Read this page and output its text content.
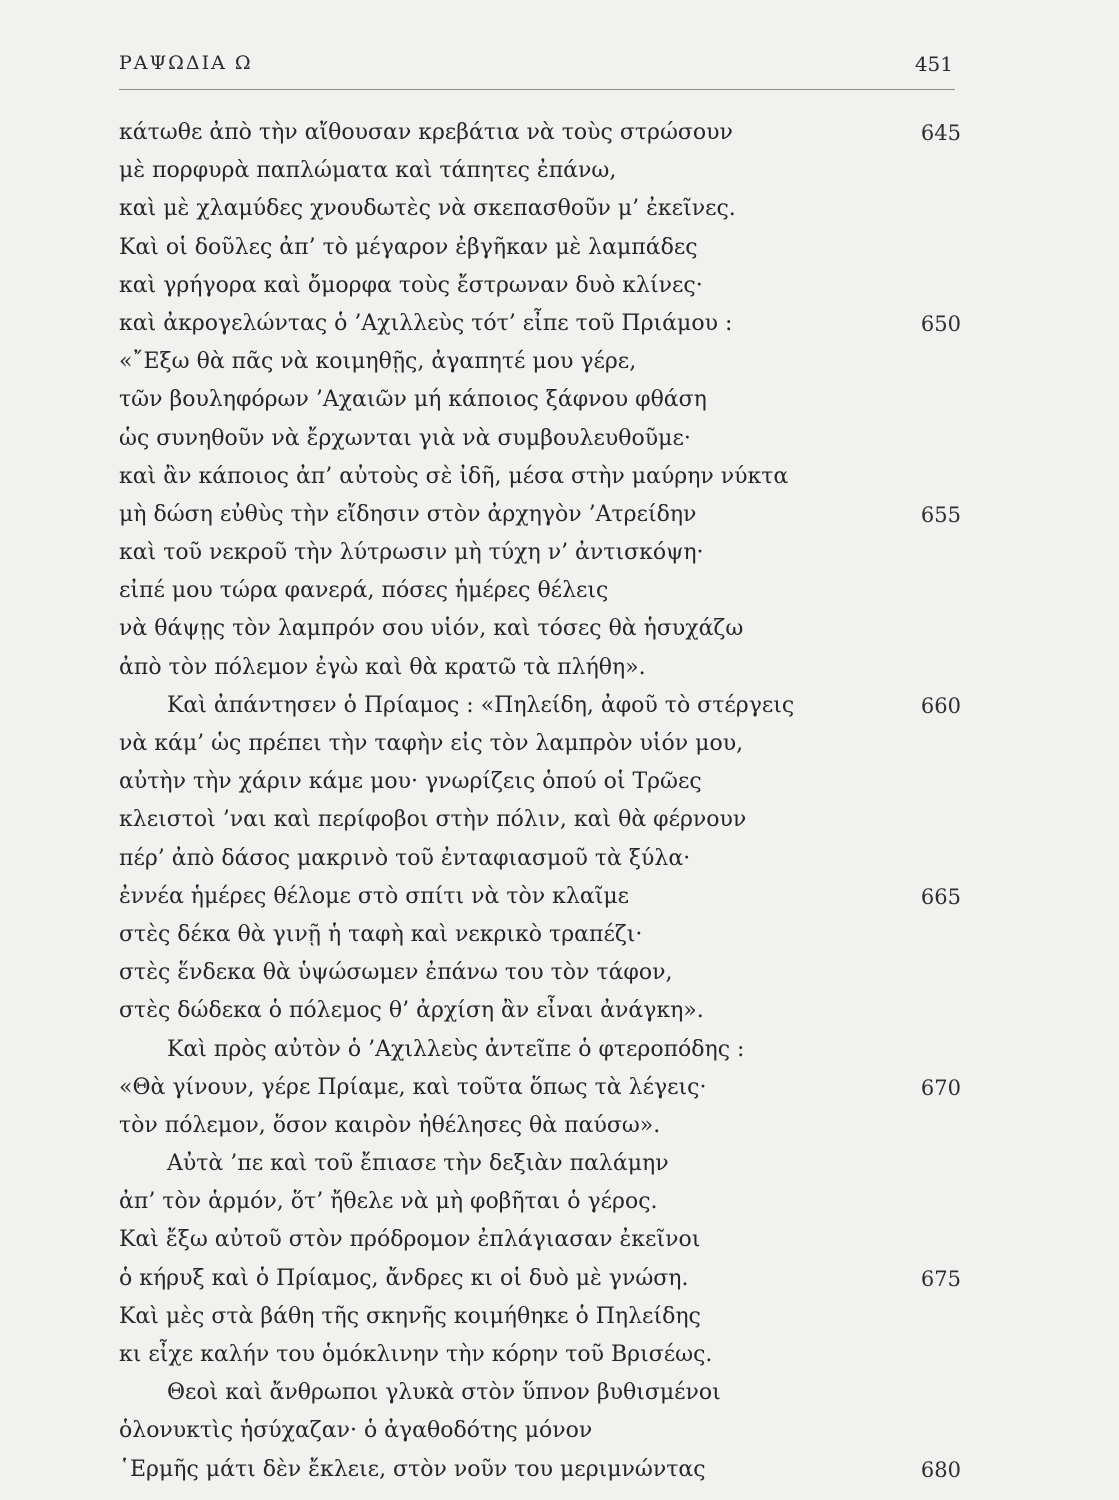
ΡΑΨΩΔΙΑ Ω	451
κάτωθε ἀπὸ τὴν αἴθουσαν κρεβάτια νὰ τοὺς στρώσουν	645
μὲ πορφυρὰ παπλώματα καὶ τάπητες ἐπάνω,
καὶ μὲ χλαμύδες χνουδωτὲς νὰ σκεπασθοῦν μ’ ἐκεῖνες.
Καὶ οἱ δοῦλες ἀπ’ τὸ μέγαρον ἐβγῆκαν μὲ λαμπάδες
καὶ γρήγορα καὶ ὄμορφα τοὺς ἔστρωναν δυὸ κλίνες·
καὶ ἀκρογελώντας ὁ ’Αχιλλεὺς τότ’ εἶπε τοῦ Πριάμου :	650
«῎Εξω θὰ πᾶς νὰ κοιμηθῇς, ἀγαπητέ μου γέρε,
τῶν βουληφόρων ’Αχαιῶν μή κάποιος ξάφνου φθάση
ὡς συνηθοῦν νὰ ἔρχωνται γιὰ νὰ συμβουλευθοῦμε·
καὶ ἂν κάποιος ἀπ’ αὐτοὺς σὲ ἰδῆ, μέσα στὴν μαύρην νύκτα
μὴ δώση εὐθὺς τὴν εἴδησιν στὸν ἀρχηγὸν ’Ατρείδην	655
καὶ τοῦ νεκροῦ τὴν λύτρωσιν μὴ τύχη ν’ ἀντισκόψη·
εἰπέ μου τώρα φανερά, πόσες ἡμέρες θέλεις
νὰ θάψῃς τὸν λαμπρόν σου υἱόν, καὶ τόσες θὰ ἡσυχάζω
ἀπὸ τὸν πόλεμον ἐγὼ καὶ θὰ κρατῶ τὰ πλήθη».
Καὶ ἀπάντησεν ὁ Πρίαμος : «Πηλείδη, ἀφοῦ τὸ στέργεις	660
νὰ κάμ’ ὡς πρέπει τὴν ταφὴν εἰς τὸν λαμπρὸν υἱόν μου,
αὐτὴν τὴν χάριν κάμε μου· γνωρίζεις ὁπού οἱ Τρῶες
κλειστοὶ ’ναι καὶ περίφοβοι στὴν πόλιν, καὶ θὰ φέρνουν
πέρ’ ἀπὸ δάσος μακρινὸ τοῦ ἐνταφιασμοῦ τὰ ξύλα·
ἐννέα ἡμέρες θέλομε στὸ σπίτι νὰ τὸν κλαῖμε	665
στὲς δέκα θὰ γινῇ ἡ ταφὴ καὶ νεκρικὸ τραπέζι·
στὲς ἕνδεκα θὰ ὑψώσωμεν ἐπάνω του τὸν τάφον,
στὲς δώδεκα ὁ πόλεμος θ’ ἀρχίση ἂν εἶναι ἀνάγκη».
Καὶ πρὸς αὐτὸν ὁ ’Αχιλλεὺς ἀντεῖπε ὁ φτεροπόδης :
«Θὰ γίνουν, γέρε Πρίαμε, καὶ τοῦτα ὅπως τὰ λέγεις·	670
τὸν πόλεμον, ὅσον καιρὸν ἠθέλησες θὰ παύσω».
Αὐτὰ ’πε καὶ τοῦ ἔπιασε τὴν δεξιὰν παλάμην
ἀπ’ τὸν ἁρμόν, ὅτ’ ἤθελε νὰ μὴ φοβῆται ὁ γέρος.
Καὶ ἔξω αὐτοῦ στὸν πρόδρομον ἐπλάγιασαν ἐκεῖνοι
ὁ κήρυξ καὶ ὁ Πρίαμος, ἄνδρες κι οἱ δυὸ μὲ γνώση.	675
Καὶ μὲς στὰ βάθη τῆς σκηνῆς κοιμήθηκε ὁ Πηλείδης
κι εἶχε καλήν του ὁμόκλινην τὴν κόρην τοῦ Βρισέως.
Θεοὶ καὶ ἄνθρωποι γλυκὰ στὸν ὕπνον βυθισμένοι
ὁλονυκτὶς ἡσύχαζαν· ὁ ἀγαθοδότης μόνον
῾Ερμῆς μάτι δὲν ἔκλειε, στὸν νοῦν του μεριμνώντας	680
